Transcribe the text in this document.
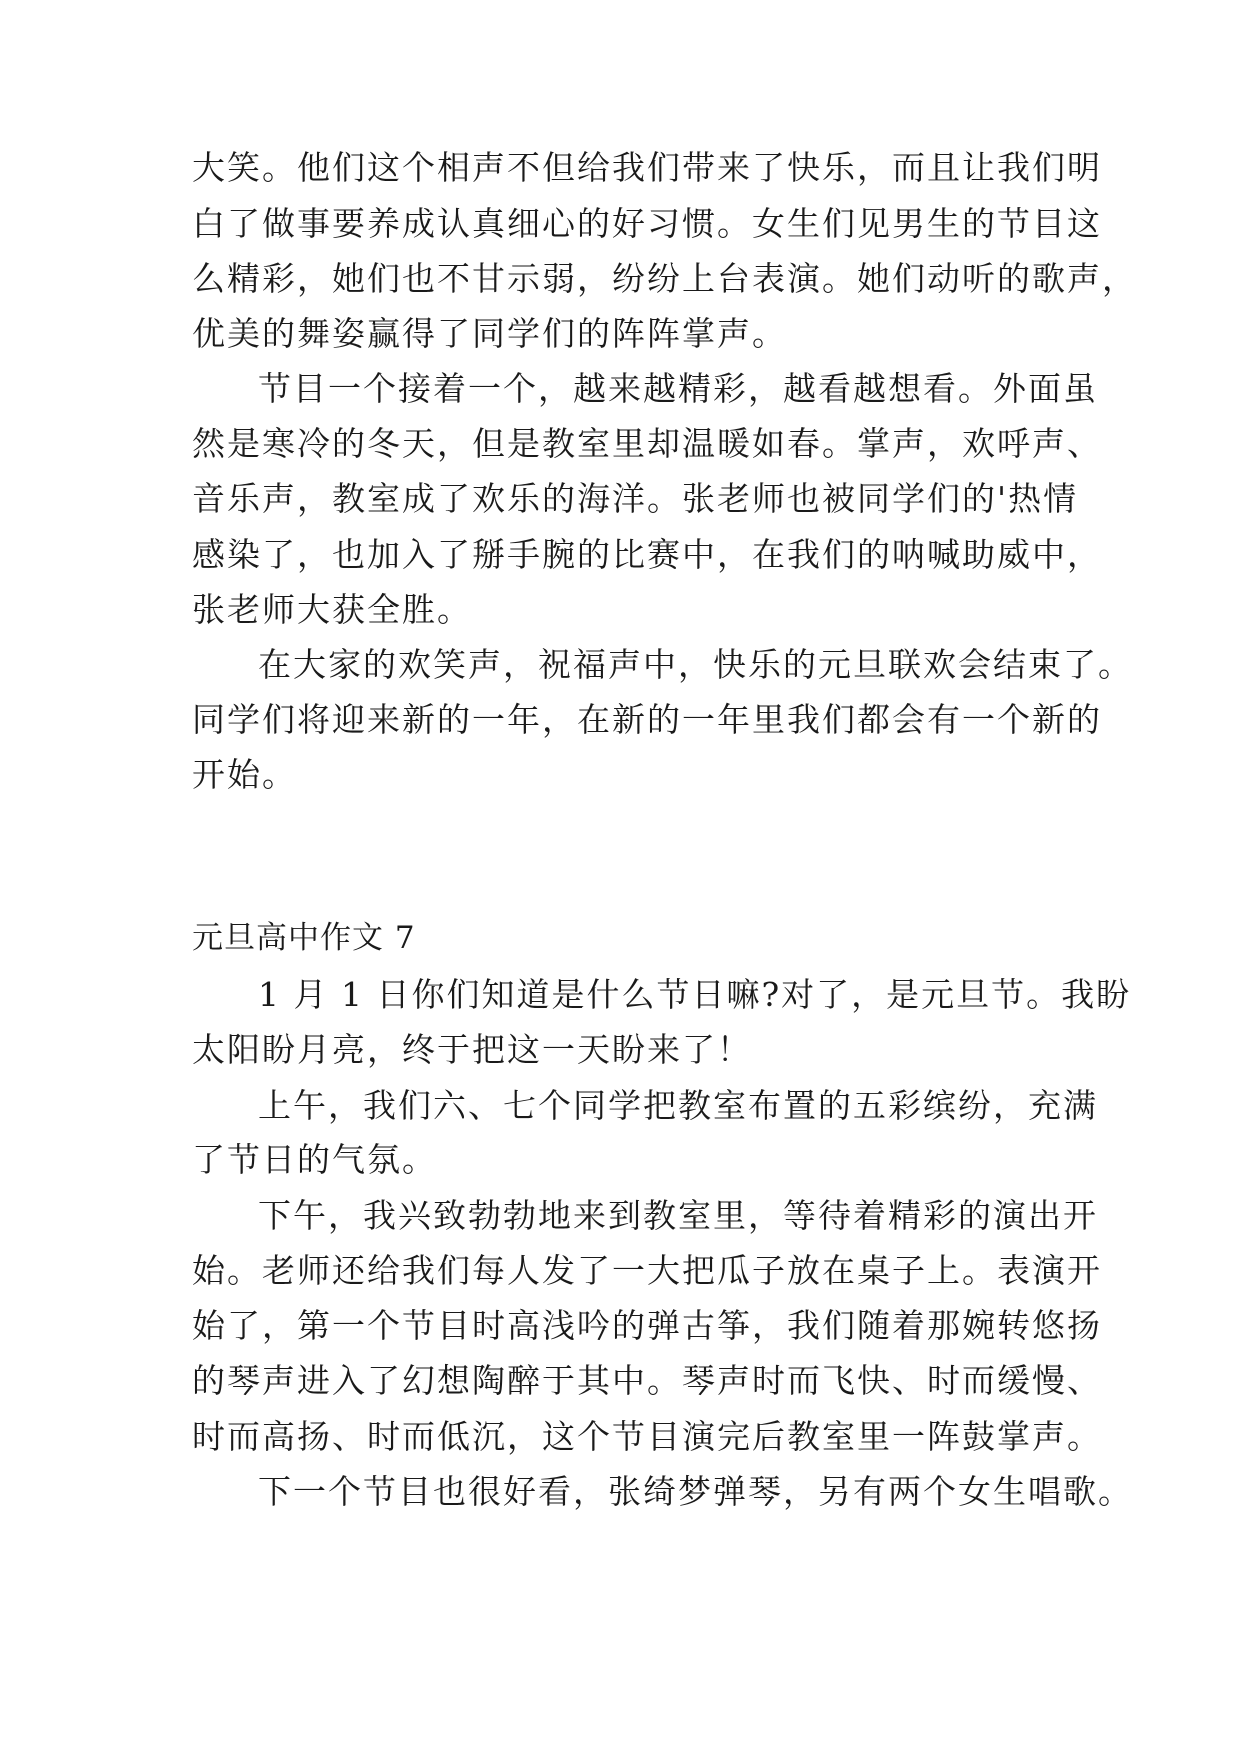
大笑。他们这个相声不但给我们带来了快乐，而且让我们明
白了做事要养成认真细心的好习惯。女生们见男生的节目这
么精彩，她们也不甘示弱，纷纷上台表演。她们动听的歌声，
优美的舞姿赢得了同学们的阵阵掌声。
节目一个接着一个，越来越精彩，越看越想看。外面虽
然是寒冷的冬天，但是教室里却温暖如春。掌声，欢呼声、
音乐声，教室成了欢乐的海洋。张老师也被同学们的'热情
感染了，也加入了掰手腕的比赛中，在我们的呐喊助威中，
张老师大获全胜。
在大家的欢笑声，祝福声中，快乐的元旦联欢会结束了。
同学们将迎来新的一年，在新的一年里我们都会有一个新的
开始。
元旦高中作文 7
1 月 1 日你们知道是什么节日嘛?对了，是元旦节。我盼
太阳盼月亮，终于把这一天盼来了！
上午，我们六、七个同学把教室布置的五彩缤纷，充满
了节日的气氛。
下午，我兴致勃勃地来到教室里，等待着精彩的演出开
始。老师还给我们每人发了一大把瓜子放在桌子上。表演开
始了，第一个节目时高浅吟的弹古筝，我们随着那婉转悠扬
的琴声进入了幻想陶醉于其中。琴声时而飞快、时而缓慢、
时而高扬、时而低沉，这个节目演完后教室里一阵鼓掌声。
下一个节目也很好看，张绮梦弹琴，另有两个女生唱歌。
